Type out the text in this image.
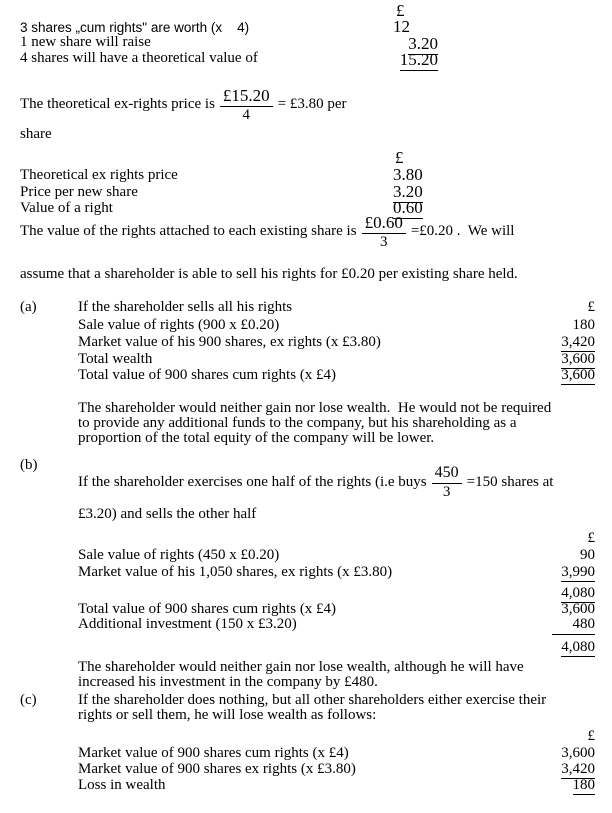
£
3 shares „cum rights" are worth (x    4)	12
1 new share will raise	3.20
4 shares will have a theoretical value of	15.20
The theoretical ex-rights price is $\frac{£15.20}{4}$ = £3.80 per
share
£
Theoretical ex rights price	3.80
Price per new share	3.20
Value of a right	0.60
The value of the rights attached to each existing share is $\frac{£0.60}{3}$ =£0.20 .  We will
assume that a shareholder is able to sell his rights for £0.20 per existing share held.
(a)	If the shareholder sells all his rights	£
Sale value of rights (900 x £0.20)	180
Market value of his 900 shares, ex rights (x £3.80)	3,420
Total wealth	3,600
Total value of 900 shares cum rights (x £4)	3,600
The shareholder would neither gain nor lose wealth.  He would not be required
to provide any additional funds to the company, but his shareholding as a
proportion of the total equity of the company will be lower.
(b)
If the shareholder exercises one half of the rights (i.e buys $\frac{450}{3} =150$ shares at
£3.20) and sells the other half
£
Sale value of rights (450 x £0.20)	90
Market value of his 1,050 shares, ex rights (x £3.80)	3,990
4,080
Total value of 900 shares cum rights (x £4)	3,600
Additional investment (150 x £3.20)	480
4,080
The shareholder would neither gain nor lose wealth, although he will have
increased his investment in the company by £480.
(c)	If the shareholder does nothing, but all other shareholders either exercise their
rights or sell them, he will lose wealth as follows:
£
Market value of 900 shares cum rights (x £4)	3,600
Market value of 900 shares ex rights (x £3.80)	3,420
Loss in wealth	180
